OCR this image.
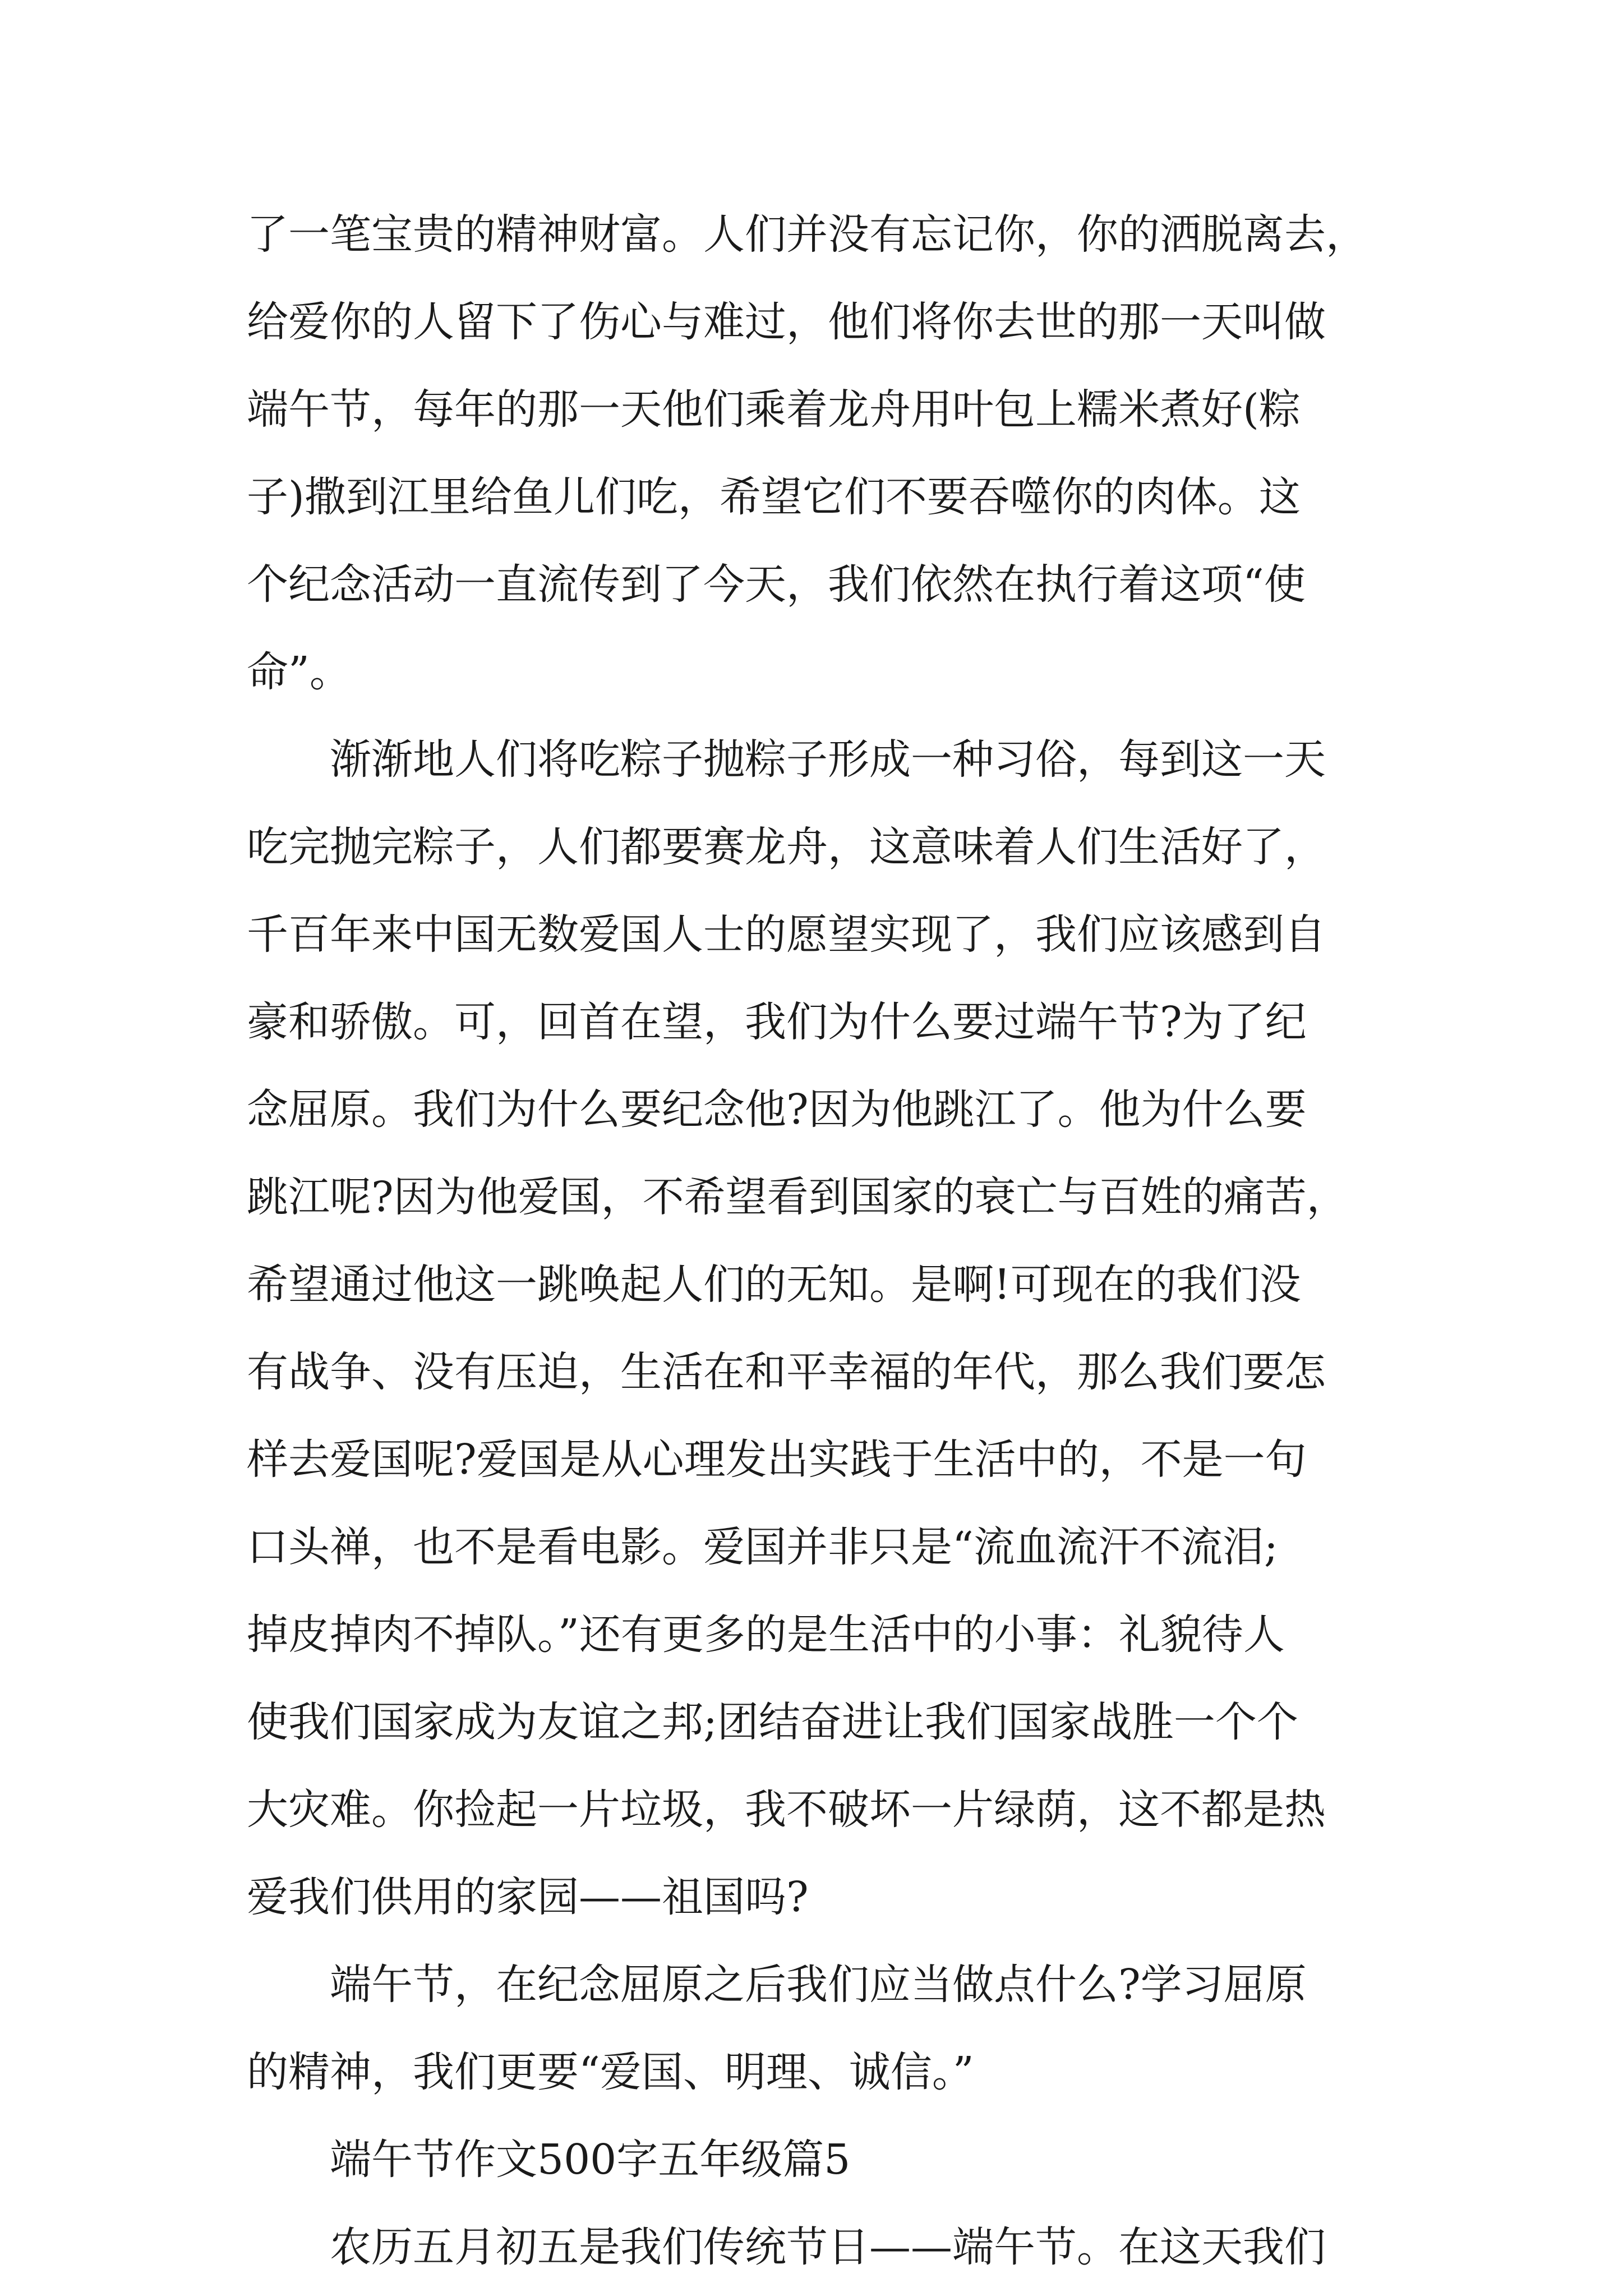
了一笔宝贵的精神财富。人们并没有忘记你，你的洒脱离去，
给爱你的人留下了伤心与难过，他们将你去世的那一天叫做
端午节，每年的那一天他们乘着龙舟用叶包上糯米煮好(粽
子)撒到江里给鱼儿们吃，希望它们不要吞噬你的肉体。这
个纪念活动一直流传到了今天，我们依然在执行着这项“使
命”。
渐渐地人们将吃粽子抛粽子形成一种习俗，每到这一天
吃完抛完粽子，人们都要赛龙舟，这意味着人们生活好了，
千百年来中国无数爱国人士的愿望实现了，我们应该感到自
豪和骄傲。可，回首在望，我们为什么要过端午节?为了纪
念屈原。我们为什么要纪念他?因为他跳江了。他为什么要
跳江呢?因为他爱国，不希望看到国家的衰亡与百姓的痛苦，
希望通过他这一跳唤起人们的无知。是啊!可现在的我们没
有战争、没有压迫，生活在和平幸福的年代，那么我们要怎
样去爱国呢?爱国是从心理发出实践于生活中的，不是一句
口头禅，也不是看电影。爱国并非只是“流血流汗不流泪;
掉皮掉肉不掉队。”还有更多的是生活中的小事：礼貌待人
使我们国家成为友谊之邦;团结奋进让我们国家战胜一个个
大灾难。你捡起一片垃圾，我不破坏一片绿荫，这不都是热
爱我们供用的家园——祖国吗?
端午节，在纪念屈原之后我们应当做点什么?学习屈原
的精神，我们更要“爱国、明理、诚信。”
端午节作文500字五年级篇5
农历五月初五是我们传统节日——端午节。在这天我们
